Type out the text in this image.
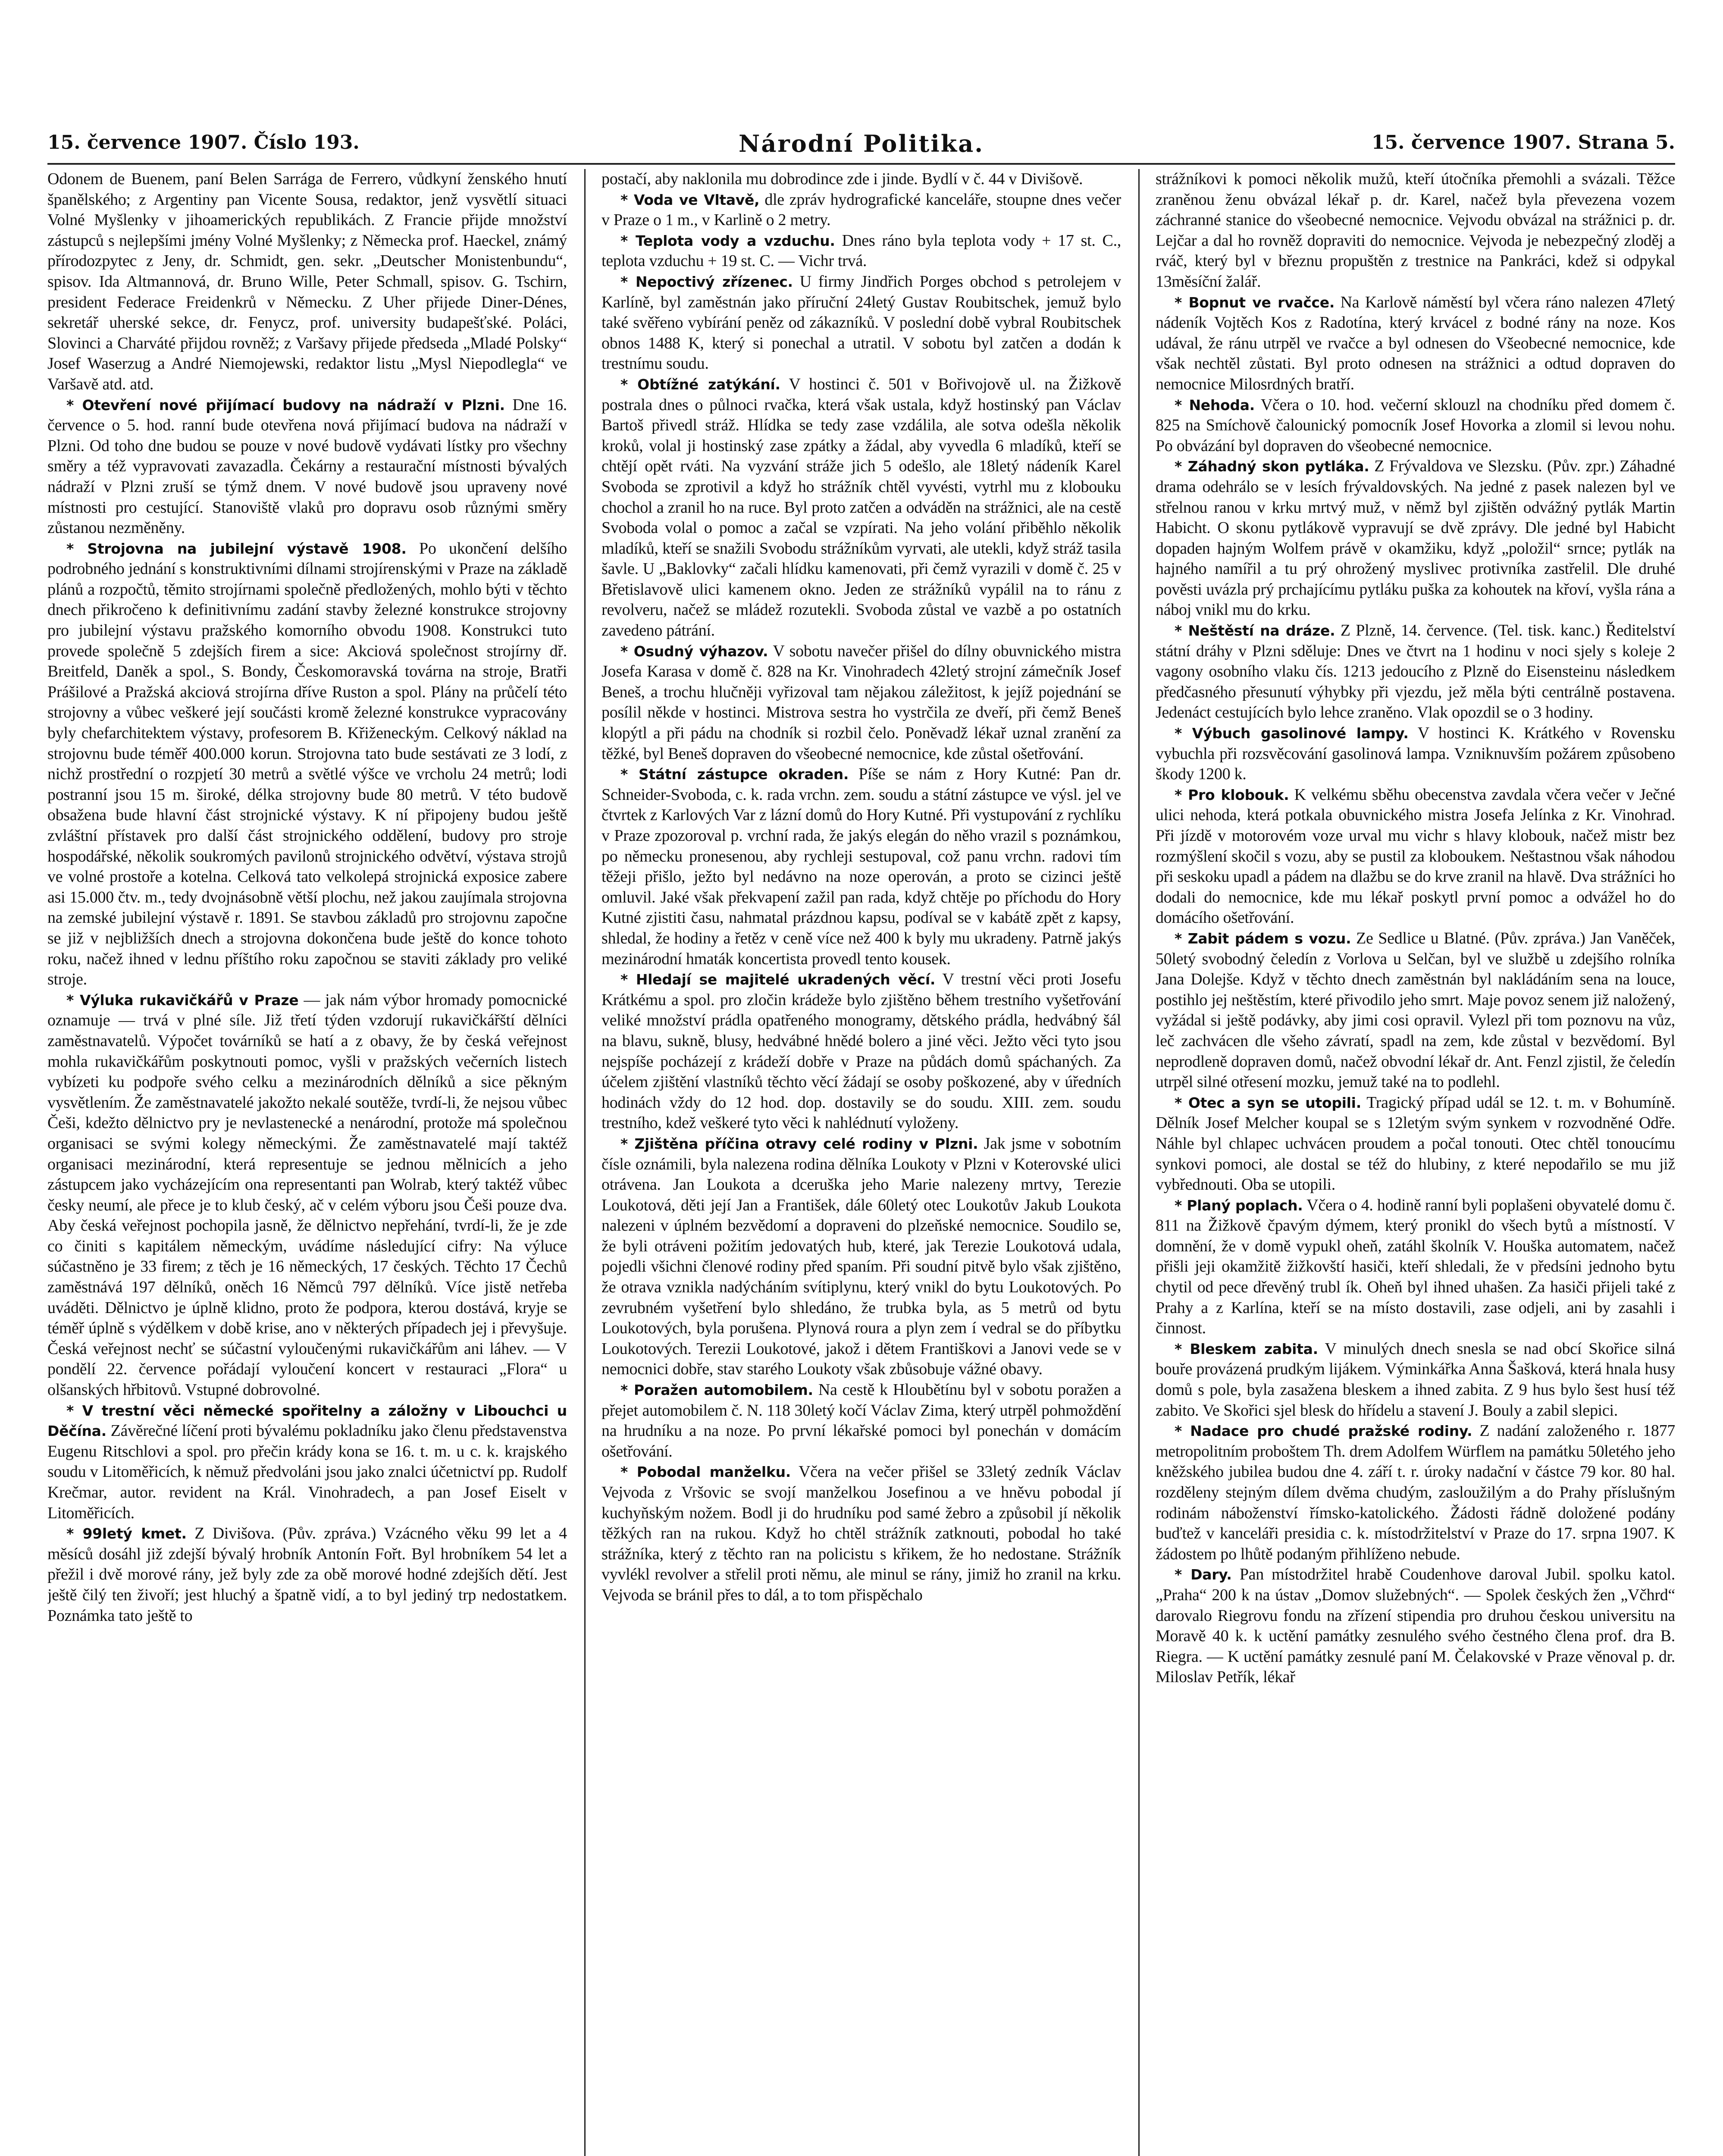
15. července 1907. Číslo 193.	Národní Politika.	15. července 1907. Strana 5.

Odonem de Buenem, paní Belen Sarrága de Ferrero, vůdkyní ženského hnutí španělského; z Argentiny pan Vicente Sousa, redaktor, jenž vysvětlí situaci Volné Myšlenky v jihoamerických republikách. Z Francie přijde množství zástupců s nejlepšími jmény Volné Myšlenky; z Německa prof. Haeckel, známý přírodozpytec z Jeny, dr. Schmidt, gen. sekr. „Deutscher Monistenbundu“, spisov. Ida Altmannová, dr. Bruno Wille, Peter Schmall, spisov. G. Tschirn, president Federace Freidenkrů v Německu. Z Uher přijede Diner-Dénes, sekretář uherské sekce, dr. Fenycz, prof. university budapešťské. Poláci, Slovinci a Charváté přijdou rovněž; z Varšavy přijede předseda „Mladé Polsky“ Josef Waserzug a André Niemojewski, redaktor listu „Mysl Niepodlegla“ ve Varšavě atd. atd.

* Otevření nové přijímací budovy na nádraží v Plzni. Dne 16. července o 5. hod. ranní bude otevřena nová přijímací budova na nádraží v Plzni. Od toho dne budou se pouze v nové budově vydávati lístky pro všechny směry a též vypravovati zavazadla. Čekárny a restaurační místnosti bývalých nádraží v Plzni zruší se týmž dnem. V nové budově jsou upraveny nové místnosti pro cestující. Stanoviště vlaků pro dopravu osob různými směry zůstanou nezměněny.

* Strojovna na jubilejní výstavě 1908. Po ukončení delšího podrobného jednání s konstruktivními dílnami strojírenskými v Praze na základě plánů a rozpočtů, těmito strojírnami společně předložených, mohlo býti v těchto dnech přikročeno k definitivnímu zadání stavby železné konstrukce strojovny pro jubilejní výstavu pražského komorního obvodu 1908. Konstrukci tuto provede společně 5 zdejších firem a sice: Akciová společnost strojírny dř. Breitfeld, Daněk a spol., S. Bondy, Českomoravská továrna na stroje, Bratři Prášilové a Pražská akciová strojírna dříve Ruston a spol. Plány na průčelí této strojovny a vůbec veškeré její součásti kromě železné konstrukce vypracovány byly chefarchitektem výstavy, profesorem B. Křiženeckým. Celkový náklad na strojovnu bude téměř 400.000 korun. Strojovna tato bude sestávati ze 3 lodí, z nichž prostřední o rozpjetí 30 metrů a světlé výšce ve vrcholu 24 metrů; lodi postranní jsou 15 m. široké, délka strojovny bude 80 metrů. V této budově obsažena bude hlavní část strojnické výstavy. K ní připojeny budou ještě zvláštní přístavek pro další část strojnického oddělení, budovy pro stroje hospodářské, několik soukromých pavilonů strojnického odvětví, výstava strojů ve volné prostoře a kotelna. Celková tato velkolepá strojnická exposice zabere asi 15.000 čtv. m., tedy dvojnásobně větší plochu, než jakou zaujímala strojovna na zemské jubilejní výstavě r. 1891. Se stavbou základů pro strojovnu započne se již v nejbližších dnech a strojovna dokončena bude ještě do konce tohoto roku, načež ihned v lednu příštího roku započnou se staviti základy pro veliké stroje.

* Výluka rukavičkářů v Praze — jak nám výbor hromady pomocnické oznamuje — trvá v plné síle. Již třetí týden vzdorují rukavičkářští dělníci zaměstnavatelů. Výpočet továrníků se hatí a z obavy, že by česká veřejnost mohla rukavičkářům poskytnouti pomoc, vyšli v pražských večerních listech vybízeti ku podpoře svého celku a mezinárodních dělníků a sice pěkným vysvětlením. Že zaměstnavatelé jakožto nekalé soutěže, tvrdí-li, že nejsou vůbec Češi, kdežto dělnictvo pry je nevlastenecké a nenárodní, protože má společnou organisaci se svými kolegy německými. Že zaměstnavatelé mají taktéž organisaci mezinárodní, která representuje se jednou mělnicích a jeho zástupcem jako vycházejícím ona representanti pan Wolrab, který taktéž vůbec česky neumí, ale přece je to klub český, ač v celém výboru jsou Češi pouze dva. Aby česká veřejnost pochopila jasně, že dělnictvo nepřehání, tvrdí-li, že je zde co činiti s kapitálem německým, uvádíme následující cifry: Na výluce súčastněno je 33 firem; z těch je 16 německých, 17 českých. Těchto 17 Čechů zaměstnává 197 dělníků, oněch 16 Němců 797 dělníků. Více jistě netřeba uváděti. Dělnictvo je úplně klidno, proto že podpora, kterou dostává, kryje se téměř úplně s výdělkem v době krise, ano v některých případech jej i převyšuje. Česká veřejnost nechť se súčastní vyloučenými rukavičkářům ani láhev. — V pondělí 22. července pořádají vyloučení koncert v restauraci „Flora“ u olšanských hřbitovů. Vstupné dobrovolné.

* V trestní věci německé spořitelny a záložny v Libouchci u Děčína. Závěrečné líčení proti bývalému pokladníku jako členu představenstva Eugenu Ritschlovi a spol. pro přečin krády kona se 16. t. m. u c. k. krajského soudu v Litoměřicích, k němuž předvoláni jsou jako znalci účetnictví pp. Rudolf Krečmar, autor. revident na Král. Vinohradech, a pan Josef Eiselt v Litoměřicích.

* 99letý kmet. Z Divišova. (Pův. zpráva.) Vzácného věku 99 let a 4 měsíců dosáhl již zdejší bývalý hrobník Antonín Fořt. Byl hrobníkem 54 let a přežil i dvě morové rány, jež byly zde za obě morové hodné zdejších dětí. Jest ještě čilý ten živoří; jest hluchý a špatně vidí, a to byl jediný trp nedostatkem. Poznámka tato ještě to

postačí, aby naklonila mu dobrodince zde i jinde. Bydlí v č. 44 v Divišově.

* Voda ve Vltavě, dle zpráv hydrografické kanceláře, stoupne dnes večer v Praze o 1 m., v Karlině o 2 metry.

* Teplota vody a vzduchu. Dnes ráno byla teplota vody + 17 st. C., teplota vzduchu + 19 st. C. — Vichr trvá.

* Nepoctivý zřízenec. U firmy Jindřich Porges obchod s petrolejem v Karlíně, byl zaměstnán jako příruční 24letý Gustav Roubitschek, jemuž bylo také svěřeno vybírání peněz od zákazníků. V poslední době vybral Roubitschek obnos 1488 K, který si ponechal a utratil. V sobotu byl zatčen a dodán k trestnímu soudu.

* Obtížné zatýkání. V hostinci č. 501 v Bořivojově ul. na Žižkově postrala dnes o půlnoci rvačka, která však ustala, když hostinský pan Václav Bartoš přivedl stráž. Hlídka se tedy zase vzdálila, ale sotva odešla několik kroků, volal ji hostinský zase zpátky a žádal, aby vyvedla 6 mladíků, kteří se chtějí opět rváti. Na vyzvání stráže jich 5 odešlo, ale 18letý nádeník Karel Svoboda se zprotivil a když ho strážník chtěl vyvésti, vytrhl mu z klobouku chochol a zranil ho na ruce. Byl proto zatčen a odváděn na strážnici, ale na cestě Svoboda volal o pomoc a začal se vzpírati. Na jeho volání přiběhlo několik mladíků, kteří se snažili Svobodu strážníkům vyrvati, ale utekli, když stráž tasila šavle. U „Baklovky“ začali hlídku kamenovati, při čemž vyrazili v domě č. 25 v Břetislavově ulici kamenem okno. Jeden ze strážníků vypálil na to ránu z revolveru, načež se mládež rozutekli. Svoboda zůstal ve vazbě a po ostatních zavedeno pátrání.

* Osudný výhazov. V sobotu navečer přišel do dílny obuvnického mistra Josefa Karasa v domě č. 828 na Kr. Vinohradech 42letý strojní zámečník Josef Beneš, a trochu hlučněji vyřizoval tam nějakou záležitost, k jejíž pojednání se posílil někde v hostinci. Mistrova sestra ho vystrčila ze dveří, při čemž Beneš klopýtl a při pádu na chodník si rozbil čelo. Poněvadž lékař uznal zranění za těžké, byl Beneš dopraven do všeobecné nemocnice, kde zůstal ošetřování.

* Státní zástupce okraden. Píše se nám z Hory Kutné: Pan dr. Schneider-Svoboda, c. k. rada vrchn. zem. soudu a státní zástupce ve výsl. jel ve čtvrtek z Karlových Var z lázní domů do Hory Kutné. Při vystupování z rychlíku v Praze zpozoroval p. vrchní rada, že jakýs elegán do něho vrazil s poznámkou, po německu pronesenou, aby rychleji sestupoval, což panu vrchn. radovi tím těžeji přišlo, ježto byl nedávno na noze operován, a proto se cizinci ještě omluvil. Jaké však překvapení zažil pan rada, když chtěje po příchodu do Hory Kutné zjistiti času, nahmatal prázdnou kapsu, podíval se v kabátě zpět z kapsy, shledal, že hodiny a řetěz v ceně více než 400 k byly mu ukradeny. Patrně jakýs mezinárodní hmaták koncertista provedl tento kousek.

* Hledají se majitelé ukradených věcí. V trestní věci proti Josefu Krátkému a spol. pro zločin krádeže bylo zjištěno během trestního vyšetřování veliké množství prádla opatřeného monogramy, dětského prádla, hedvábný šál na blavu, sukně, blusy, hedvábné hnědé bolero a jiné věci. Ježto věci tyto jsou nejspíše pocházejí z krádeží dobře v Praze na půdách domů spáchaných. Za účelem zjištění vlastníků těchto věcí žádají se osoby poškozené, aby v úředních hodinách vždy do 12 hod. dop. dostavily se do soudu. XIII. zem. soudu trestního, kdež veškeré tyto věci k nahlédnutí vyloženy.

* Zjištěna příčina otravy celé rodiny v Plzni. Jak jsme v sobotním čísle oznámili, byla nalezena rodina dělníka Loukoty v Plzni v Koterovské ulici otrávena. Jan Loukota a dceruška jeho Marie nalezeny mrtvy, Terezie Loukotová, děti její Jan a František, dále 60letý otec Loukotův Jakub Loukota nalezeni v úplném bezvědomí a dopraveni do plzeňské nemocnice. Soudilo se, že byli otráveni požitím jedovatých hub, které, jak Terezie Loukotová udala, pojedli všichni členové rodiny před spaním. Při soudní pitvě bylo však zjištěno, že otrava vznikla nadýcháním svítiplynu, který vnikl do bytu Loukotových. Po zevrubném vyšetření bylo shledáno, že trubka byla, as 5 metrů od bytu Loukotových, byla porušena. Plynová roura a plyn zem í vedral se do příbytku Loukotových. Terezii Loukotové, jakož i dětem Františkovi a Janovi vede se v nemocnici dobře, stav starého Loukoty však zbůsobuje vážné obavy.

* Poražen automobilem. Na cestě k Hloubětínu byl v sobotu poražen a přejet automobilem č. N. 118 30letý kočí Václav Zima, který utrpěl pohmoždění na hrudníku a na noze. Po první lékařské pomoci byl ponechán v domácím ošetřování.

* Pobodal manželku. Včera na večer přišel se 33letý zedník Václav Vejvoda z Vršovic se svojí manželkou Josefinou a ve hněvu pobodal jí kuchyňským nožem. Bodl ji do hrudníku pod samé žebro a způsobil jí několik těžkých ran na rukou. Když ho chtěl strážník zatknouti, pobodal ho také strážníka, který z těchto ran na policistu s křikem, že ho nedostane. Strážník vyvlékl revolver a střelil proti němu, ale minul se rány, jimiž ho zranil na krku. Vejvoda se bránil přes to dál, a to tom přispěchalo

strážníkovi k pomoci několik mužů, kteří útočníka přemohli a svázali. Těžce zraněnou ženu obvázal lékař p. dr. Karel, načež byla převezena vozem záchranné stanice do všeobecné nemocnice. Vejvodu obvázal na strážnici p. dr. Lejčar a dal ho rovněž dopraviti do nemocnice. Vejvoda je nebezpečný zloděj a rváč, který byl v březnu propuštěn z trestnice na Pankráci, kdež si odpykal 13měsíční žalář.

* Bopnut ve rvačce. Na Karlově náměstí byl včera ráno nalezen 47letý nádeník Vojtěch Kos z Radotína, který krvácel z bodné rány na noze. Kos udával, že ránu utrpěl ve rvačce a byl odnesen do Všeobecné nemocnice, kde však nechtěl zůstati. Byl proto odnesen na strážnici a odtud dopraven do nemocnice Milosrdných bratří.

* Nehoda. Včera o 10. hod. večerní sklouzl na chodníku před domem č. 825 na Smíchově čalounický pomocník Josef Hovorka a zlomil si levou nohu. Po obvázání byl dopraven do všeobecné nemocnice.

* Záhadný skon pytláka. Z Frývaldova ve Slezsku. (Pův. zpr.) Záhadné drama odehrálo se v lesích frývaldovských. Na jedné z pasek nalezen byl ve střelnou ranou v krku mrtvý muž, v němž byl zjištěn odvážný pytlák Martin Habicht. O skonu pytlákově vypravují se dvě zprávy. Dle jedné byl Habicht dopaden hajným Wolfem právě v okamžiku, když „položil“ srnce; pytlák na hajného namířil a tu prý ohrožený myslivec protivníka zastřelil. Dle druhé pověsti uvázla prý prchajícímu pytláku puška za kohoutek na křoví, vyšla rána a náboj vnikl mu do krku.

* Neštěstí na dráze. Z Plzně, 14. července. (Tel. tisk. kanc.) Ředitelství státní dráhy v Plzni sděluje: Dnes ve čtvrt na 1 hodinu v noci sjely s koleje 2 vagony osobního vlaku čís. 1213 jedoucího z Plzně do Eisensteinu následkem předčasného přesunutí výhybky při vjezdu, jež měla býti centrálně postavena. Jedenáct cestujících bylo lehce zraněno. Vlak opozdil se o 3 hodiny.

* Výbuch gasolinové lampy. V hostinci K. Krátkého v Rovensku vybuchla při rozsvěcování gasolinová lampa. Vzniknuvším požárem způsobeno škody 1200 k.

* Pro klobouk. K velkému sběhu obecenstva zavdala včera večer v Ječné ulici nehoda, která potkala obuvnického mistra Josefa Jelínka z Kr. Vinohrad. Při jízdě v motorovém voze urval mu vichr s hlavy klobouk, načež mistr bez rozmýšlení skočil s vozu, aby se pustil za kloboukem. Neštastnou však náhodou při seskoku upadl a pádem na dlažbu se do krve zranil na hlavě. Dva strážníci ho dodali do nemocnice, kde mu lékař poskytl první pomoc a odvážel ho do domácího ošetřování.

* Zabit pádem s vozu. Ze Sedlice u Blatné. (Pův. zpráva.) Jan Vaněček, 50letý svobodný čeledín z Vorlova u Selčan, byl ve službě u zdejšího rolníka Jana Dolejše. Když v těchto dnech zaměstnán byl nakládáním sena na louce, postihlo jej neštěstím, které přivodilo jeho smrt. Maje povoz senem již naložený, vyžádal si ještě podávky, aby jimi cosi opravil. Vylezl při tom poznovu na vůz, leč zachvácen dle všeho závratí, spadl na zem, kde zůstal v bezvědomí. Byl neprodleně dopraven domů, načež obvodní lékař dr. Ant. Fenzl zjistil, že čeledín utrpěl silné otřesení mozku, jemuž také na to podlehl.

* Otec a syn se utopili. Tragický případ udál se 12. t. m. v Bohumíně. Dělník Josef Melcher koupal se s 12letým svým synkem v rozvodněné Odře. Náhle byl chlapec uchvácen proudem a počal tonouti. Otec chtěl tonoucímu synkovi pomoci, ale dostal se též do hlubiny, z které nepodařilo se mu již vybřednouti. Oba se utopili.

* Planý poplach. Včera o 4. hodině ranní byli poplašeni obyvatelé domu č. 811 na Žižkově čpavým dýmem, který pronikl do všech bytů a místností. V domnění, že v domě vypukl oheň, zatáhl školník V. Houška automatem, načež přišli jeji okamžitě žižkovští hasiči, kteří shledali, že v předsíni jednoho bytu chytil od pece dřevěný trubl ík. Oheň byl ihned uhašen. Za hasiči přijeli také z Prahy a z Karlína, kteří se na místo dostavili, zase odjeli, ani by zasahli i činnost.

* Bleskem zabita. V minulých dnech snesla se nad obcí Skořice silná bouře provázená prudkým lijákem. Výminkářka Anna Šašková, která hnala husy domů s pole, byla zasažena bleskem a ihned zabita. Z 9 hus bylo šest husí též zabito. Ve Skořici sjel blesk do hřídelu a stavení J. Bouly a zabil slepici.

* Nadace pro chudé pražské rodiny. Z nadání založeného r. 1877 metropolitním proboštem Th. drem Adolfem Würflem na památku 50letého jeho kněžského jubilea budou dne 4. září t. r. úroky nadační v částce 79 kor. 80 hal. rozděleny stejným dílem dvěma chudým, zasloužilým a do Prahy příslušným rodinám náboženství římsko-katolického. Žádosti řádně doložené podány buďtež v kanceláři presidia c. k. místodržitelství v Praze do 17. srpna 1907. K žádostem po lhůtě podaným přihlíženo nebude.

* Dary. Pan místodržitel hrabě Coudenhove daroval Jubil. spolku katol. „Praha“ 200 k na ústav „Domov služebných“. — Spolek českých žen „Včhrd“ darovalo Riegrovu fondu na zřízení stipendia pro druhou českou universitu na Moravě 40 k. k uctění památky zesnulého svého čestného člena prof. dra B. Riegra. — K uctění památky zesnulé paní M. Čelakovské v Praze věnoval p. dr. Miloslav Petřík, lékař
